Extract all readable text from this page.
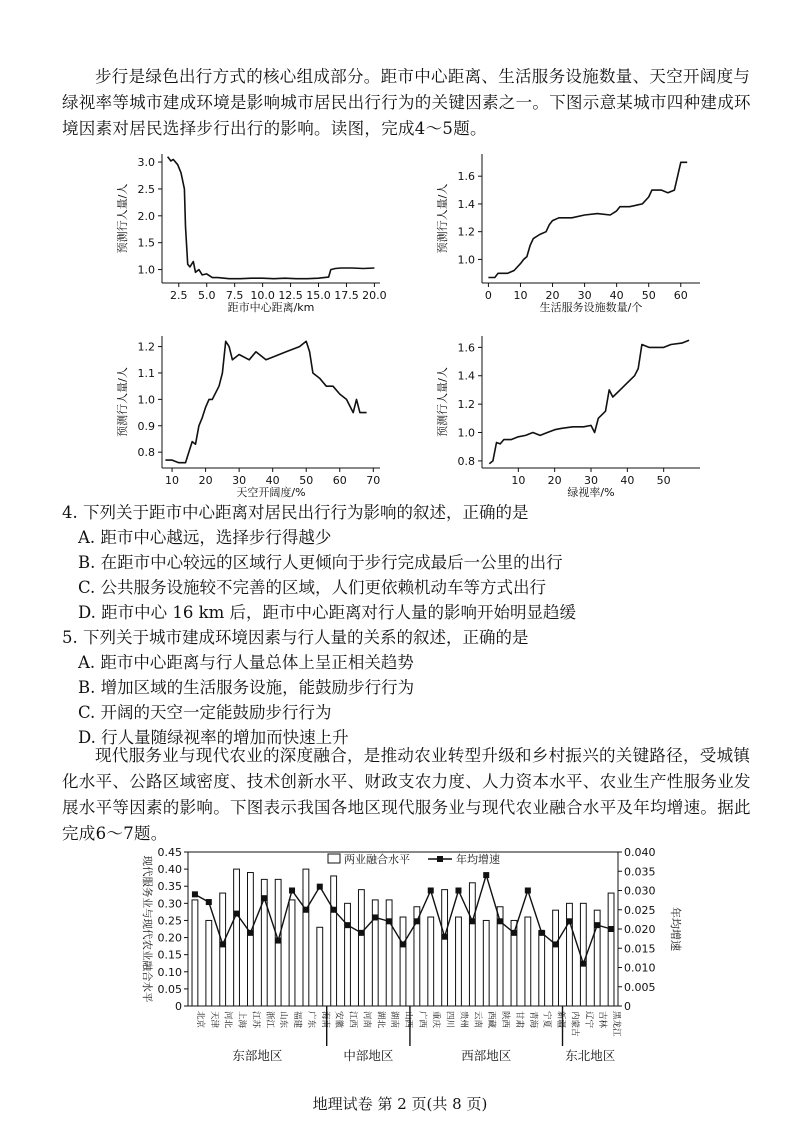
步行是绿色出行方式的核心组成部分。距市中心距离、生活服务设施数量、天空开阔度与绿视率等城市建成环境是影响城市居民出行行为的关键因素之一。下图示意某城市四种建成环境因素对居民选择步行出行的影响。读图，完成4～5题。
1.0
1.5
2.0
2.5
3.0
2.5 5.0 7.5 10.0 12.5 15.0 17.5 20.0
距市中心距离/km
预测行人量/人
1.0
1.2
1.4
1.6
0 10 20 30 40 50 60
生活服务设施数量/个
预测行人量/人
0.8
0.9
1.0
1.1
1.2
10 20 30 40 50 60 70
天空开阔度/%
预测行人量/人
0.8
1.0
1.2
1.4
1.6
10 20 30 40 50
绿视率/%
预测行人量/人
4. 下列关于距市中心距离对居民出行行为影响的叙述，正确的是
A. 距市中心越远，选择步行得越少
B. 在距市中心较远的区域行人更倾向于步行完成最后一公里的出行
C. 公共服务设施较不完善的区域，人们更依赖机动车等方式出行
D. 距市中心 16 km 后，距市中心距离对行人量的影响开始明显趋缓
5. 下列关于城市建成环境因素与行人量的关系的叙述，正确的是
A. 距市中心距离与行人量总体上呈正相关趋势
B. 增加区域的生活服务设施，能鼓励步行行为
C. 开阔的天空一定能鼓励步行行为
D. 行人量随绿视率的增加而快速上升
现代服务业与现代农业的深度融合，是推动农业转型升级和乡村振兴的关键路径，受城镇化水平、公路区域密度、技术创新水平、财政支农力度、人力资本水平、农业生产性服务业发展水平等因素的影响。下图表示我国各地区现代服务业与现代农业融合水平及年均增速。据此完成6～7题。
0
0.05
0.10
0.15
0.20
0.25
0.30
0.35
0.40
0.45
0
0.005
0.010
0.015
0.020
0.025
0.030
0.035
0.040
现代服务业与现代农业融合水平	年均增速
两业融合水平	年均增速
北京 天津 河北 上海 江苏 浙江 山东 福建 广东 海南 安徽 江西 河南 湖北 湖南 山西 广西 重庆 四川 贵州 云南 西藏 陕西 甘肃 青海 宁夏 新疆 内蒙古 辽宁 吉林 黑龙江
东部地区	中部地区	西部地区	东北地区
地理试卷 第 2 页(共 8 页)
